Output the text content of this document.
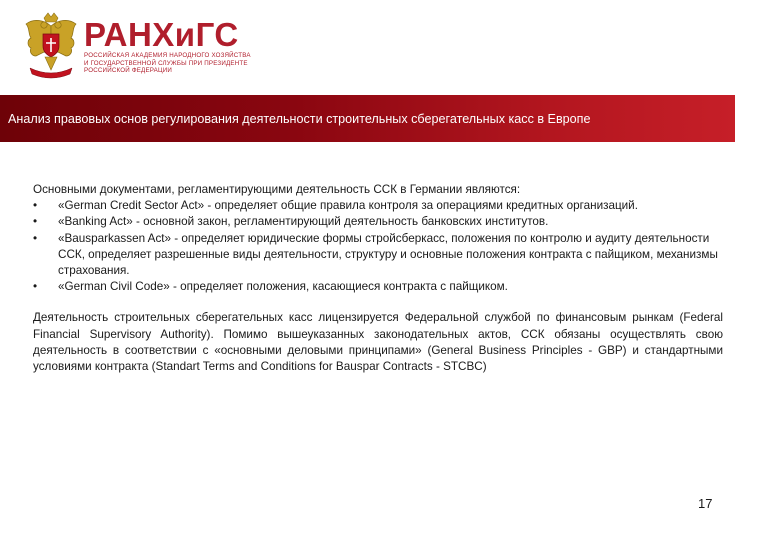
РАНХиГС
РОССИЙСКАЯ АКАДЕМИЯ НАРОДНОГО ХОЗЯЙСТВА И ГОСУДАРСТВЕННОЙ СЛУЖБЫ ПРИ ПРЕЗИДЕНТЕ РОССИЙСКОЙ ФЕДЕРАЦИИ
Анализ правовых основ регулирования деятельности строительных сберегательных касс в Европе

Основными документами, регламентирующими деятельность ССК в Германии являются:

• «German Credit Sector Act» - определяет общие правила контроля за операциями кредитных организаций.
• «Banking Act» - основной закон, регламентирующий деятельность банковских институтов.
• «Bausparkassen Act» - определяет юридические формы стройсберкасс, положения по контролю и аудиту деятельности ССК, определяет разрешенные виды деятельности, структуру и основные положения контракта с пайщиком, механизмы страхования.
• «German Civil Code» - определяет положения, касающиеся контракта с пайщиком.

Деятельность строительных сберегательных касс лицензируется Федеральной службой по финансовым рынкам (Federal Financial Supervisory Authority). Помимо вышеуказанных законодательных актов, ССК обязаны осуществлять свою деятельность в соответствии с «основными деловыми принципами» (General Business Principles - GBP) и стандартными условиями контракта (Standart Terms and Conditions for Bauspar Contracts - STCBC)

17
